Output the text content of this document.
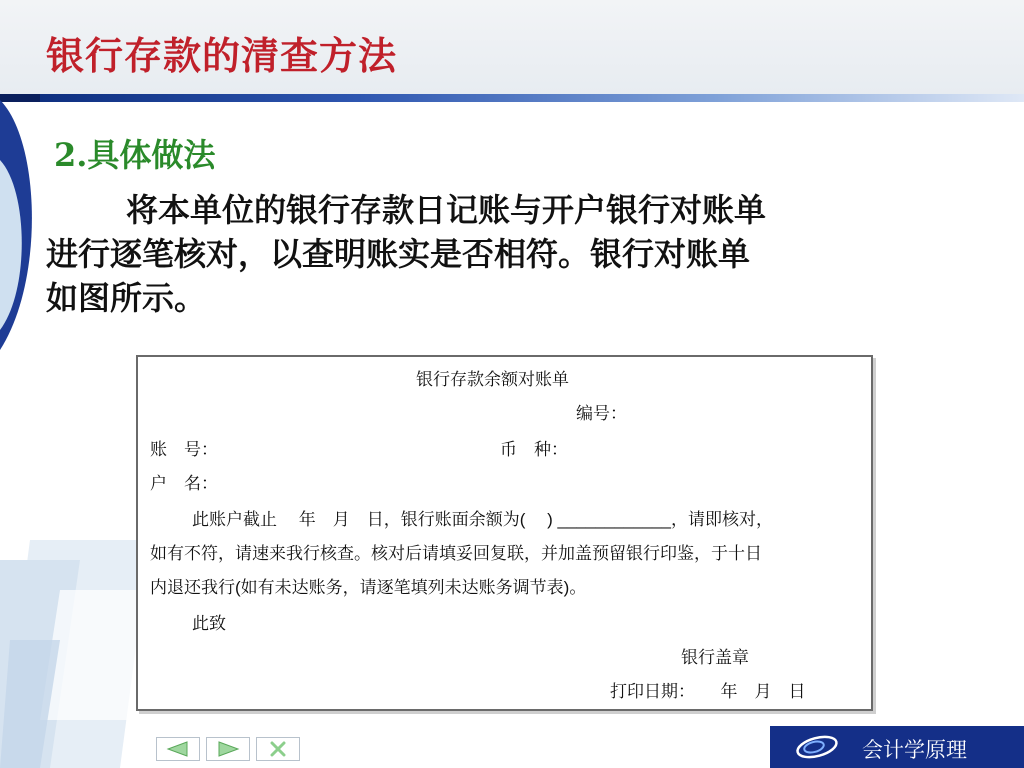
银行存款的清查方法
2.具体做法
将本单位的银行存款日记账与开户银行对账单
进行逐笔核对，以查明账实是否相符。银行对账单
如图所示。
银行存款余额对账单
编号：
账　号：	币　种：
户　名：
此账户截止　 年　月　日，银行账面余额为(　 ) ____________，请即核对，
如有不符，请速来我行核查。核对后请填妥回复联，并加盖预留银行印鉴，于十日
内退还我行(如有未达账务，请逐笔填列未达账务调节表)。
此致
银行盖章
打印日期：　　年　月　日
会计学原理
